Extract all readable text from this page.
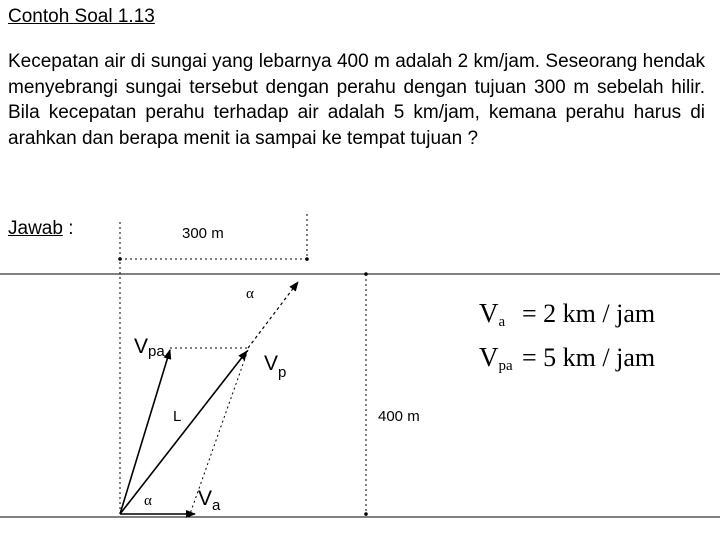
Contoh Soal 1.13

Kecepatan air di sungai yang lebarnya 400 m adalah 2 km/jam. Seseorang hendak menyebrangi sungai tersebut dengan perahu dengan tujuan 300 m sebelah hilir. Bila kecepatan perahu terhadap air adalah 5 km/jam, kemana perahu harus di arahkan dan berapa menit ia sampai ke tempat tujuan ?

Jawab :	300 m
400 m
α
α
L
Vpa
Vp
Va
Va = 2 km / jam
Vpa = 5 km / jam
